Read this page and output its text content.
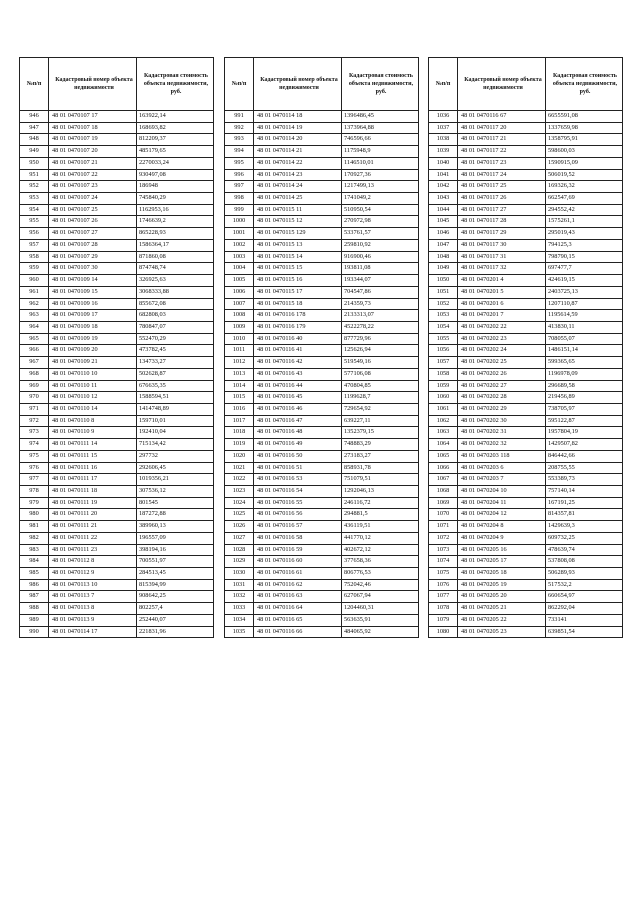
№п/п	Кадастровый номер объекта недвижимости	Кадастровая стоимость объекта недвижимости, руб.
946	48 01 0470107 17	163922,14
947	48 01 0470107 18	168693,82
948	48 01 0470107 19	812209,37
949	48 01 0470107 20	485179,65
950	48 01 0470107 21	2270033,24
951	48 01 0470107 22	930497,08
952	48 01 0470107 23	186948
953	48 01 0470107 24	745840,29
954	48 01 0470107 25	1162953,16
955	48 01 0470107 26	1746639,2
956	48 01 0470107 27	865228,93
957	48 01 0470107 28	1586364,17
958	48 01 0470107 29	871860,08
959	48 01 0470107 30	874748,74
960	48 01 0470109 14	326925,63
961	48 01 0470109 15	3068333,88
962	48 01 0470109 16	855672,08
963	48 01 0470109 17	682808,03
964	48 01 0470109 18	780847,07
965	48 01 0470109 19	552470,29
966	48 01 0470109 20	473782,45
967	48 01 0470109 21	134733,27
968	48 01 0470110 10	502628,87
969	48 01 0470110 11	676635,35
970	48 01 0470110 12	1588594,51
971	48 01 0470110 14	1414748,89
972	48 01 0470110 8	159710,01
973	48 01 0470110 9	192410,04
974	48 01 0470111 14	715134,42
975	48 01 0470111 15	297732
976	48 01 0470111 16	292606,45
977	48 01 0470111 17	1019356,21
978	48 01 0470111 18	307536,12
979	48 01 0470111 19	801545
980	48 01 0470111 20	187272,88
981	48 01 0470111 21	389960,13
982	48 01 0470111 22	196557,09
983	48 01 0470111 23	398194,16
984	48 01 0470112 8	700551,97
985	48 01 0470112 9	284513,45
986	48 01 0470113 10	815394,99
987	48 01 0470113 7	908642,25
988	48 01 0470113 8	802257,4
989	48 01 0470113 9	252440,07
990	48 01 0470114 17	221831,96
№п/п	Кадастровый номер объекта недвижимости	Кадастровая стоимость объекта недвижимости, руб.
991	48 01 0470114 18	1396486,45
992	48 01 0470114 19	1373964,88
993	48 01 0470114 20	746596,66
994	48 01 0470114 21	1175948,9
995	48 01 0470114 22	1146510,01
996	48 01 0470114 23	170927,36
997	48 01 0470114 24	1217499,13
998	48 01 0470114 25	1741049,2
999	48 01 0470115 11	510950,54
1000	48 01 0470115 12	270972,98
1001	48 01 0470115 129	533761,57
1002	48 01 0470115 13	259810,92
1003	48 01 0470115 14	916900,46
1004	48 01 0470115 15	193811,08
1005	48 01 0470115 16	193344,07
1006	48 01 0470115 17	704547,86
1007	48 01 0470115 18	214359,73
1008	48 01 0470116 178	2133313,07
1009	48 01 0470116 179	4522278,22
1010	48 01 0470116 40	877729,96
1011	48 01 0470116 41	125626,94
1012	48 01 0470116 42	519549,16
1013	48 01 0470116 43	577106,08
1014	48 01 0470116 44	470804,85
1015	48 01 0470116 45	1199628,7
1016	48 01 0470116 46	729654,92
1017	48 01 0470116 47	639227,11
1018	48 01 0470116 48	1352379,15
1019	48 01 0470116 49	748883,29
1020	48 01 0470116 50	273183,27
1021	48 01 0470116 51	858931,78
1022	48 01 0470116 53	751079,51
1023	48 01 0470116 54	1292046,13
1024	48 01 0470116 55	246116,72
1025	48 01 0470116 56	294881,5
1026	48 01 0470116 57	436119,51
1027	48 01 0470116 58	441770,12
1028	48 01 0470116 59	402672,12
1029	48 01 0470116 60	377658,36
1030	48 01 0470116 61	806776,53
1031	48 01 0470116 62	752042,46
1032	48 01 0470116 63	627067,94
1033	48 01 0470116 64	1204460,31
1034	48 01 0470116 65	563635,91
1035	48 01 0470116 66	484065,92
№п/п	Кадастровый номер объекта недвижимости	Кадастровая стоимость объекта недвижимости, руб.
1036	48 01 0470116 67	6655591,08
1037	48 01 0470117 20	1337659,98
1038	48 01 0470117 21	1358795,91
1039	48 01 0470117 22	598600,03
1040	48 01 0470117 23	1590915,09
1041	48 01 0470117 24	506019,52
1042	48 01 0470117 25	169326,32
1043	48 01 0470117 26	662547,69
1044	48 01 0470117 27	294552,42
1045	48 01 0470117 28	1575261,1
1046	48 01 0470117 29	295019,43
1047	48 01 0470117 30	794125,3
1048	48 01 0470117 31	798790,15
1049	48 01 0470117 32	697477,7
1050	48 01 0470201 4	424619,15
1051	48 01 0470201 5	2403725,13
1052	48 01 0470201 6	1207110,87
1053	48 01 0470201 7	1195614,59
1054	48 01 0470202 22	413830,11
1055	48 01 0470202 23	708055,07
1056	48 01 0470202 24	1486151,14
1057	48 01 0470202 25	599365,65
1058	48 01 0470202 26	1196978,09
1059	48 01 0470202 27	296689,58
1060	48 01 0470202 28	219456,89
1061	48 01 0470202 29	738705,97
1062	48 01 0470202 30	595122,87
1063	48 01 0470202 31	1957804,19
1064	48 01 0470202 32	1429507,82
1065	48 01 0470203 118	846442,66
1066	48 01 0470203 6	208755,55
1067	48 01 0470203 7	553389,73
1068	48 01 0470204 10	757140,14
1069	48 01 0470204 11	167191,25
1070	48 01 0470204 12	814357,81
1071	48 01 0470204 8	1429639,3
1072	48 01 0470204 9	609732,25
1073	48 01 0470205 16	478639,74
1074	48 01 0470205 17	537808,08
1075	48 01 0470205 18	506289,93
1076	48 01 0470205 19	517532,2
1077	48 01 0470205 20	660654,97
1078	48 01 0470205 21	862292,04
1079	48 01 0470205 22	733141
1080	48 01 0470205 23	639851,54
